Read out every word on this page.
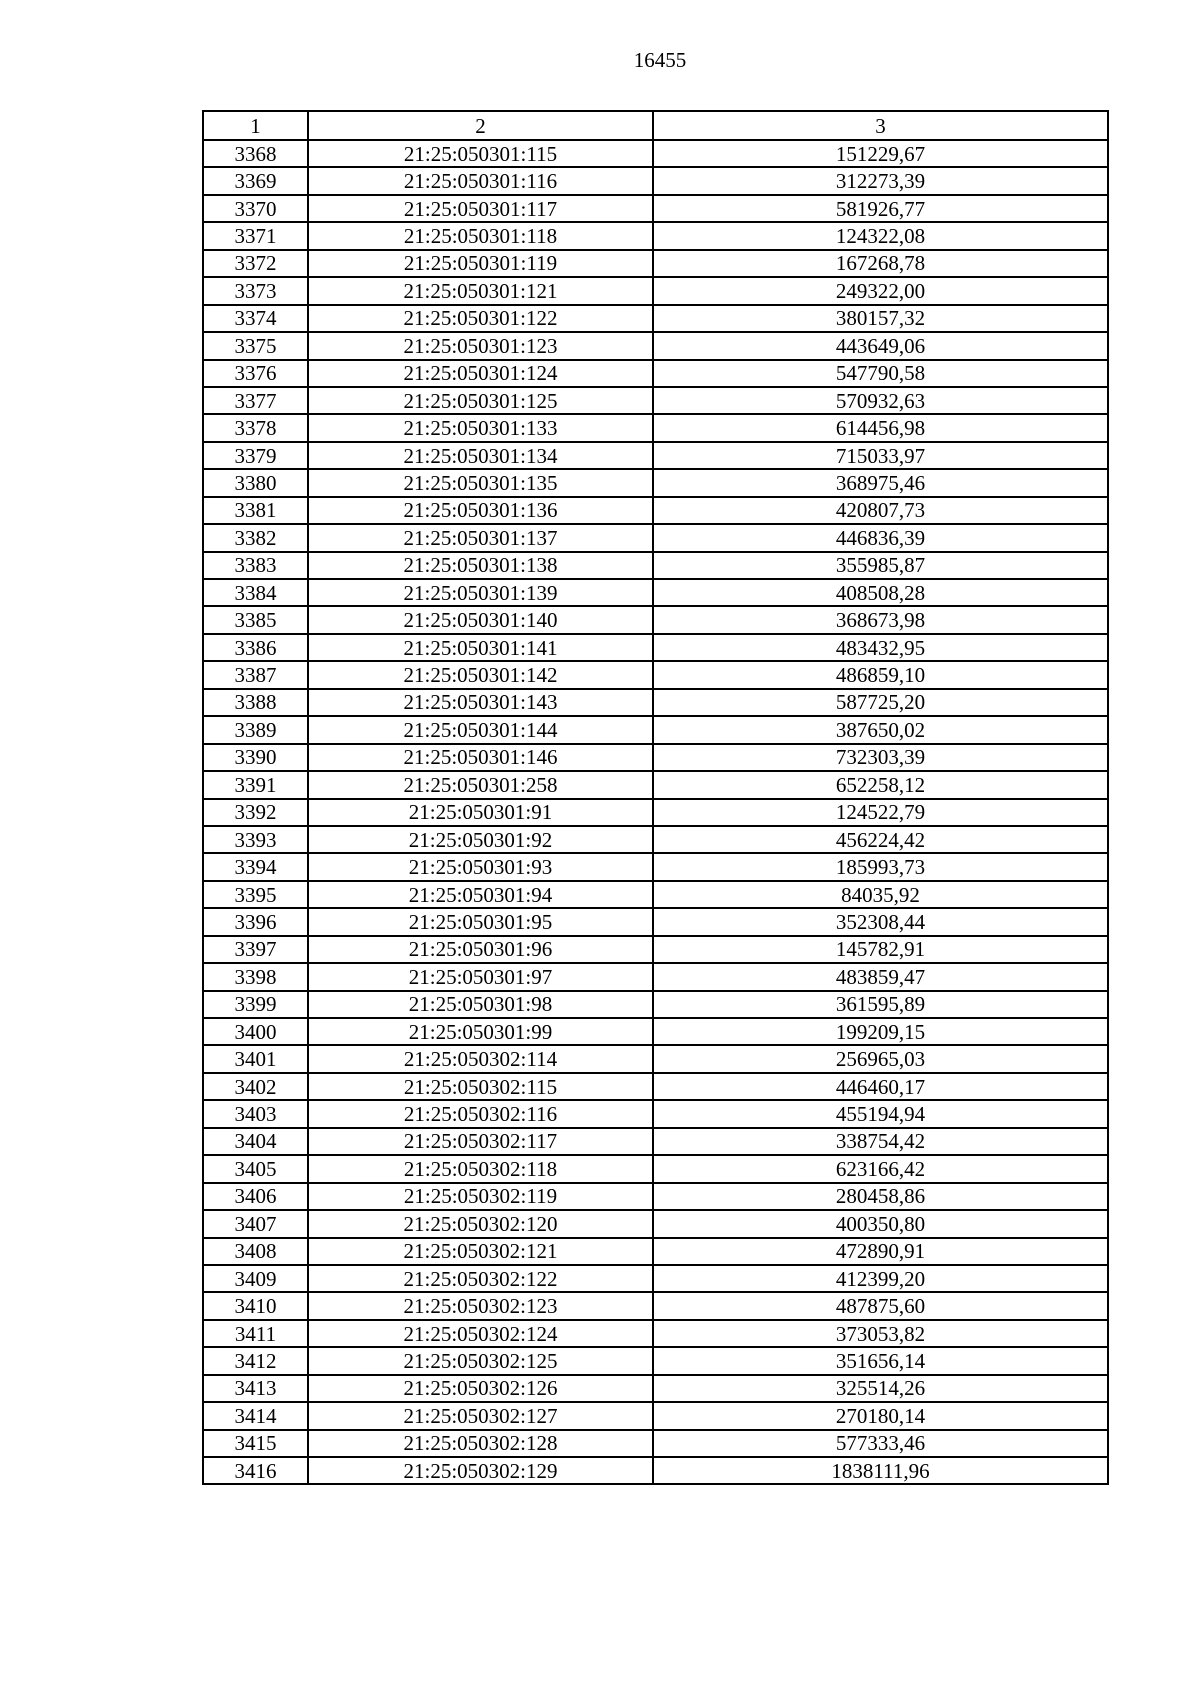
16455
1	2	3
3368	21:25:050301:115	151229,67
3369	21:25:050301:116	312273,39
3370	21:25:050301:117	581926,77
3371	21:25:050301:118	124322,08
3372	21:25:050301:119	167268,78
3373	21:25:050301:121	249322,00
3374	21:25:050301:122	380157,32
3375	21:25:050301:123	443649,06
3376	21:25:050301:124	547790,58
3377	21:25:050301:125	570932,63
3378	21:25:050301:133	614456,98
3379	21:25:050301:134	715033,97
3380	21:25:050301:135	368975,46
3381	21:25:050301:136	420807,73
3382	21:25:050301:137	446836,39
3383	21:25:050301:138	355985,87
3384	21:25:050301:139	408508,28
3385	21:25:050301:140	368673,98
3386	21:25:050301:141	483432,95
3387	21:25:050301:142	486859,10
3388	21:25:050301:143	587725,20
3389	21:25:050301:144	387650,02
3390	21:25:050301:146	732303,39
3391	21:25:050301:258	652258,12
3392	21:25:050301:91	124522,79
3393	21:25:050301:92	456224,42
3394	21:25:050301:93	185993,73
3395	21:25:050301:94	84035,92
3396	21:25:050301:95	352308,44
3397	21:25:050301:96	145782,91
3398	21:25:050301:97	483859,47
3399	21:25:050301:98	361595,89
3400	21:25:050301:99	199209,15
3401	21:25:050302:114	256965,03
3402	21:25:050302:115	446460,17
3403	21:25:050302:116	455194,94
3404	21:25:050302:117	338754,42
3405	21:25:050302:118	623166,42
3406	21:25:050302:119	280458,86
3407	21:25:050302:120	400350,80
3408	21:25:050302:121	472890,91
3409	21:25:050302:122	412399,20
3410	21:25:050302:123	487875,60
3411	21:25:050302:124	373053,82
3412	21:25:050302:125	351656,14
3413	21:25:050302:126	325514,26
3414	21:25:050302:127	270180,14
3415	21:25:050302:128	577333,46
3416	21:25:050302:129	1838111,96
